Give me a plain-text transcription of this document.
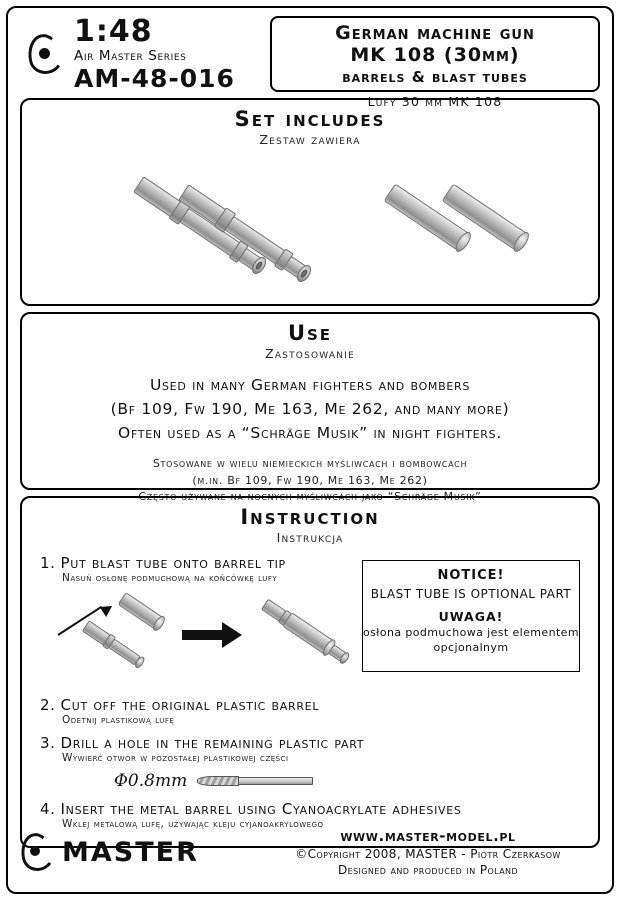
1:48
Air Master Series
AM-48-016
German machine gun
MK 108 (30mm)
barrels & blast tubes
Lufy 30 mm MK 108
Set includes
Zestaw zawiera
Use
Zastosowanie
Used in many German fighters and bombers
(Bf 109, Fw 190, Me 163, Me 262, and many more)
Often used as a “Schräge Musik” in night fighters.
Stosowane w wielu niemieckich myśliwcach i bombowcach
(m.in. Bf 109, Fw 190, Me 163, Me 262)
Często używane na nocnych myśliwcach jako “Schräge Musik”
Instruction
Instrukcja
1. Put blast tube onto barrel tip
Nasuń osłonę podmuchową na końcówkę lufy	NOTICE!
BLAST TUBE IS OPTIONAL PART
UWAGA!
osłona podmuchowa jest elementem opcjonalnym
2. Cut off the original plastic barrel
Odetnij plastikową lufę
3. Drill a hole in the remaining plastic part
Wywierć otwór w pozostałej plastikowej części
Φ0.8mm
4. Insert the metal barrel using Cyanoacrylate adhesives
Wklej metalową lufę, używając kleju cyjanoakrylowego
MASTER
www.master-model.pl
©Copyright 2008, MASTER - Piotr Czerkasow
Designed and produced in Poland
